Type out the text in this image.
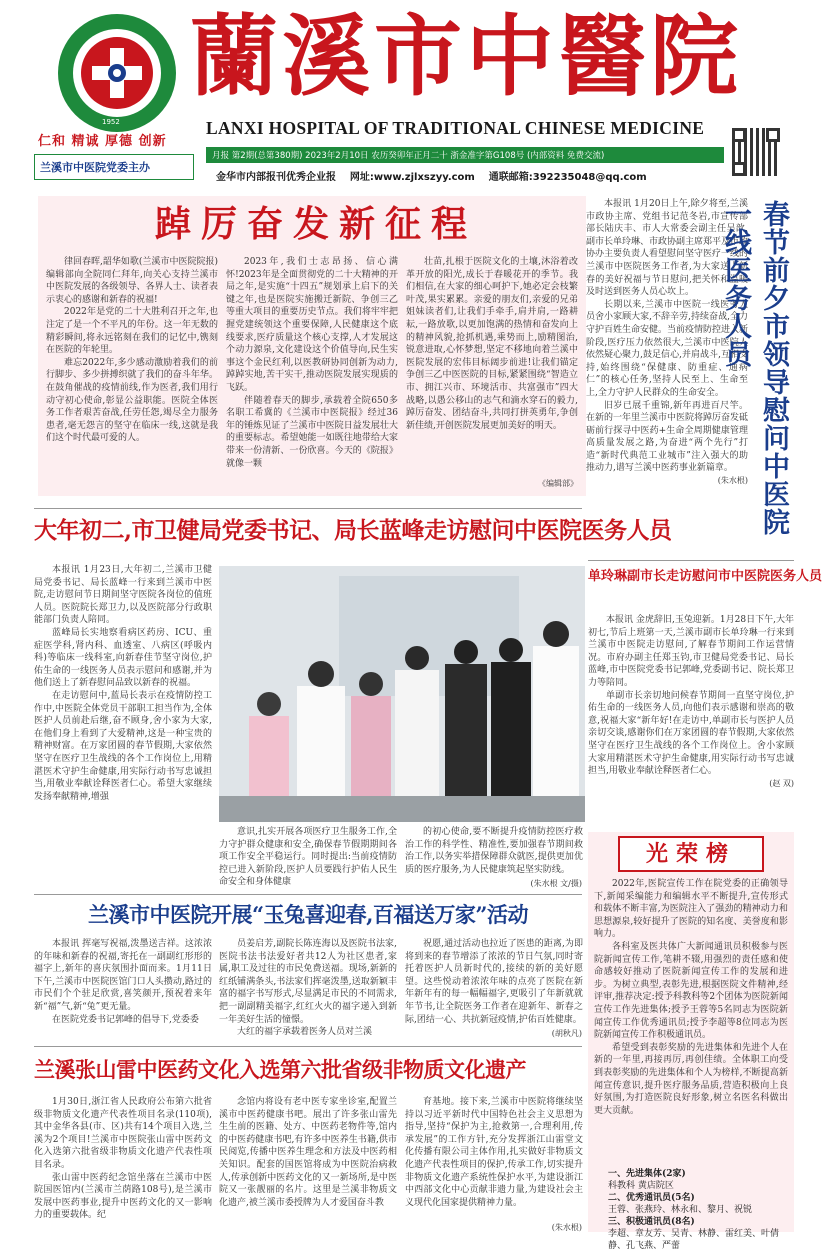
1952
蘭溪市中醫院
仁和 精诚 厚德 创新
兰溪市中医院党委主办
LANXI HOSPITAL OF TRADITIONAL CHINESE MEDICINE
月报 第2期(总第380期) 2023年2月10日 农历癸卯年正月二十 浙金准字第G108号 (内部资料 免费交流)
金华市内部报刊优秀企业报    网址:www.zjlxszyy.com    通联邮箱:392235048@qq.com
踔厉奋发新征程

律回春晖,韶华如歌(兰溪市中医院院报)编辑部向全院同仁拜年,向关心支持兰溪市中医院发展的各级领导、各界人士、读者表示衷心的感谢和新春的祝福!

2022年是党的二十大胜利召开之年,也注定了是一个不平凡的年份。这一年无数的精彩瞬间,将永远铭刻在我们的记忆中,镌刻在医院的年轮里。

难忘2022年,多少感动激励着我们的前行脚步、多少拼搏织就了我们的奋斗年华。在鼓角催战的疫情前线,作为医者,我们用行动守初心使命,彰显公益职能。医院全体医务工作者艰苦奋战,任劳任怨,竭尽全力服务患者,毫无怨言的坚守在临床一线,这就是我们这个时代最可爱的人。

2023年,我们士志昂扬、信心满怀!2023年是全面贯彻党的二十大精神的开局之年,是实施“十四五”规划承上启下的关键之年,也是医院实施搬迁新院、争创三乙等重大项目的重要历史节点。我们将牢牢把握党建统领这个重要保障,人民健康这个底线要求,医疗质量这个核心支撑,人才发展这个动力源泉,文化建设这个价值导向,民生实事这个金民红利,以医教研协同创新为动力,踔踔实地,苦干实干,推动医院发展实现质的飞跃。

伴随着春天的脚步,承载着全院650多名职工希冀的《兰溪市中医院报》经过36年的锤炼见证了兰溪市中医院日益发展壮大的重要标志。希望她能一如既往地带给大家带来一份清新、一份欣喜。今天的《院报》就像一颗

壮苗,扎根于医院文化的土壤,沐浴着改革开放的阳光,成长于春暖花开的季节。我们相信,在大家的细心呵护下,她必定会枝繁叶茂,果实累累。亲爱的朋友们,亲爱的兄弟姐妹读者们,让我们手牵手,肩并肩,一路耕耘,一路放歌,以更加饱满的热情和奋发向上的精神风貌,抢抓机遇,乘势而上,励精图治,锐意进取,心怀梦想,坚定不移地向着兰溪中医院发展的宏伟目标阔步前进!让我们锚定争创三乙中医医院的目标,紧紧围绕“智造立市、拥江兴市、环境活市、共富强市”四大战略,以愚公移山的志气和滴水穿石的毅力,踔厉奋发、团结奋斗,共同打拼英勇年,争创新佳绩,开创医院发展更加美好的明天。

《编辑部》

本报讯 1月20日上午,除夕将至,兰溪市政协主席、党组书记范冬岩,市宣传部部长陆庆丰、市人大常委会副主任吴歆,副市长单玲琳、市政协副主席郑平及市政协办主要负责人看望慰问坚守医疗一线的兰溪市中医院医务工作者,为大家送上新春的美好祝福与节日慰问,把关怀和温暖及时送到医务人员心坎上。

长期以来,兰溪市中医院一线医务人员舍小家顾大家,不辞辛劳,持续奋战,全力守护百姓生命安健。当前疫情防控进入新阶段,医疗压力依然很大,兰溪市中医院人依然疑心聚力,鼓足信心,并肩战斗,互相支持,始终围绕“保健康、防重症、通病仁”的核心任务,坚持人民至上、生命至上,全力守护人民群众的生命安全。

旧岁已展千重锦,新年再进百尺竿。在新的一年里兰溪市中医院将踔厉奋发砥砺前行探寻中医药+生命全周期健康管理高质量发展之路,为奋进“两个先行”打造“新时代典范工业城市”注入强大的助推动力,谱写兰溪中医药事业新篇章。

(朱水根) 春节前夕市领导慰问中医院一线医务人员
大年初二,市卫健局党委书记、局长蓝峰走访慰问中医院医务人员

本报讯 1月23日,大年初二,兰溪市卫健局党委书记、局长蓝峰一行来到兰溪市中医院,走访慰问节日期间坚守医院各岗位的值班人员。医院院长郑卫力,以及医院部分行政职能部门负责人陪同。

蓝峰局长实地察看病区药房、ICU、重症医学科,肾内科、血透室、八病区(呼吸内科)等临床一线科室,向新春佳节坚守岗位,护佑生命的一线医务人员表示慰问和感谢,并为他们送上了新春慰问品致以新春的祝福。

在走访慰问中,蓝局长表示在疫情防控工作中,中医院全体党员干部职工担当作为,全体医护人员前赴后继,奋不顾身,舍小家为大家,在他们身上看到了大爱精神,这是一种宝贵的精神财富。在万家团圆的春节假期,大家依然坚守在医疗卫生战线的各个工作岗位上,用精湛医术守护生命健康,用实际行动书写忠诚担当,用敬业奉献诠释医者仁心。希望大家继续发扬奉献精神,增强

意识,扎实开展各项医疗卫生服务工作,全力守护群众健康和安全,确保春节假期期间各项工作安全平稳运行。同时提出:当前疫情防控已进入新阶段,医护人员要践行护佑人民生命安全和身体健康

的初心使命,要不断提升疫情防控医疗救治工作的科学性、精准性,要加强春节期间救治工作,以务实举措保障群众就医,提供更加优质的医疗服务,为人民健康筑起坚实防线。

(朱水根 文/摄)
单玲琳副市长走访慰问市中医院医务人员

本报讯 金虎辞旧,玉兔迎新。1月28日下午,大年初七,节后上班第一天,兰溪市副市长单玲琳一行来到兰溪市中医院走访慰问,了解春节期间工作运营情况。市府办副主任郑玉钧,市卫健局党委书记、局长蓝峰,市中医院党委书记郭峰,党委副书记、院长郑卫力等陪同。

单副市长亲切地问候春节期间一直坚守岗位,护佑生命的一线医务人员,向他们表示感谢和崇高的敬意,祝福大家“新年好!在走访中,单副市长与医护人员亲切交谈,感谢你们在万家团圆的春节假期,大家依然坚守在医疗卫生战线的各个工作岗位上。舍小家顾大家用精湛医术守护生命健康,用实际行动书写忠诚担当,用敬业奉献诠释医者仁心。

(赵 双)
光荣榜

2022年,医院宣传工作在院党委的正确领导下,新闻采编能力和编辑水平不断提升,宣传形式和载体不断丰富,为医院注入了强劲的精神动力和思想源泉,较好提升了医院的知名度、美誉度和影响力。

各科室及医共体广大新闻通讯员积极参与医院新闻宣传工作,笔耕不辍,用强烈的责任感和使命感较好推动了医院新闻宣传工作的发展和进步。为树立典型,表彰先进,根据医院文件精神,经评审,推荐决定:授予科教科等2个团体为医院新闻宣传工作先进集体;授予王蓉等5名同志为医院新闻宣传工作优秀通讯员;授予李超等8位同志为医院新闻宣传工作积极通讯员。

希望受到表彰奖励的先进集体和先进个人在新的一年里,再接再厉,再创佳绩。全体职工向受到表彰奖励的先进集体和个人为榜样,不断提高新闻宣传意识,提升医疗服务品质,营造积极向上良好氛围,为打造医院良好形象,树立名医名科做出更大贡献。

一、先进集体(2家)
科教科 黄店院区
二、优秀通讯员(5名)
王蓉、张燕玲、林永和、黎月、祝锐
三、积极通讯员(8名)
李超、章友芳、吴青、林静、雷红美、叶倩静、孔飞燕、严蕾
兰溪市中医院开展“玉兔喜迎春,百福送万家”活动

本报讯 挥毫写祝福,泼墨送吉祥。这浓浓的年味和新春的祝福,寄托在一副副红形形的福字上,新年的喜庆氛围扑面而来。1月11日下午,兰溪市中医院医馆门口人头攒动,路过的市民们个个驻足欣赏,喜笑颜开,预祝着来年新“福”气,新“兔”更无量。

在医院党委书记郭峰的倡导下,党委委

员姜启芳,副院长陈连海以及医院书法家,医院书法书法爱好者共12人为社区患者,家属,职工及过往的市民免费送福。现场,新新的红纸铺满条头,书法家们挥毫泼墨,送取新颖丰富的福字书写形式,尽显满足市民的不同需求,把一副副精美福字,红红火火的福字递入到新一年美好生活的憧憬。

大红的福字承载着医务人员对兰溪

祝愿,通过活动也拉近了医患的距离,为即将到来的春节增添了浓浓的节日气氛,同时寄托着医护人员新时代的,接续的新的美好愿望。这些悦动着浓浓年味的点亮了医院在新年新年有的每一幅幅福字,更吸引了年新就就年节书,让全院医务工作者在迎新年、新春之际,团结一心、共抗新冠疫情,护佑百姓健康。

(胡秋凡)
兰溪张山雷中医药文化入选第六批省级非物质文化遗产

1月30日,浙江省人民政府公布第六批省级非物质文化遗产代表性项目名录(110项),其中金华各县(市、区)共有14个项目入选,兰溪为2个项目!兰溪市中医院张山雷中医药文化入选第六批省级非物质文化遗产代表性项目名录。

张山雷中医药纪念馆坐落在兰溪市中医院国医馆内(兰溪市兰荫路108号),是兰溪市发展中医药事业,提升中医药文化的又一影响力的重要载体。纪

念馆内将设有老中医专家坐诊室,配置兰溪市中医药健康书吧。展出了许多张山雷先生生前的医籍、处方、中医药老物件等,馆内的中医药健康书吧,有许多中医养生书籍,供市民阅览,传播中医养生理念和方法及中医药相关知识。配套的国医馆将成为中医院治病救人,传承创新中医药文化的又一新场所,是中医院又一张靓丽的名片。这里是兰溪非物质文化遗产,被兰溪市委授牌为人才爱国奋斗教

育基地。接下来,兰溪市中医院将继续坚持以习近平新时代中国特色社会主义思想为指导,坚持“保护为主,抢救第一,合理利用,传承发展”的工作方针,充分发挥浙江山雷堂文化传播有限公司主体作用,扎实做好非物质文化遗产代表性项目的保护,传承工作,切实提升非物质文化遗产系统性保护水平,为建设浙江中西部文化中心贡献非遗力量,为建设社会主义现代化国家提供精神力量。

(朱水根)
